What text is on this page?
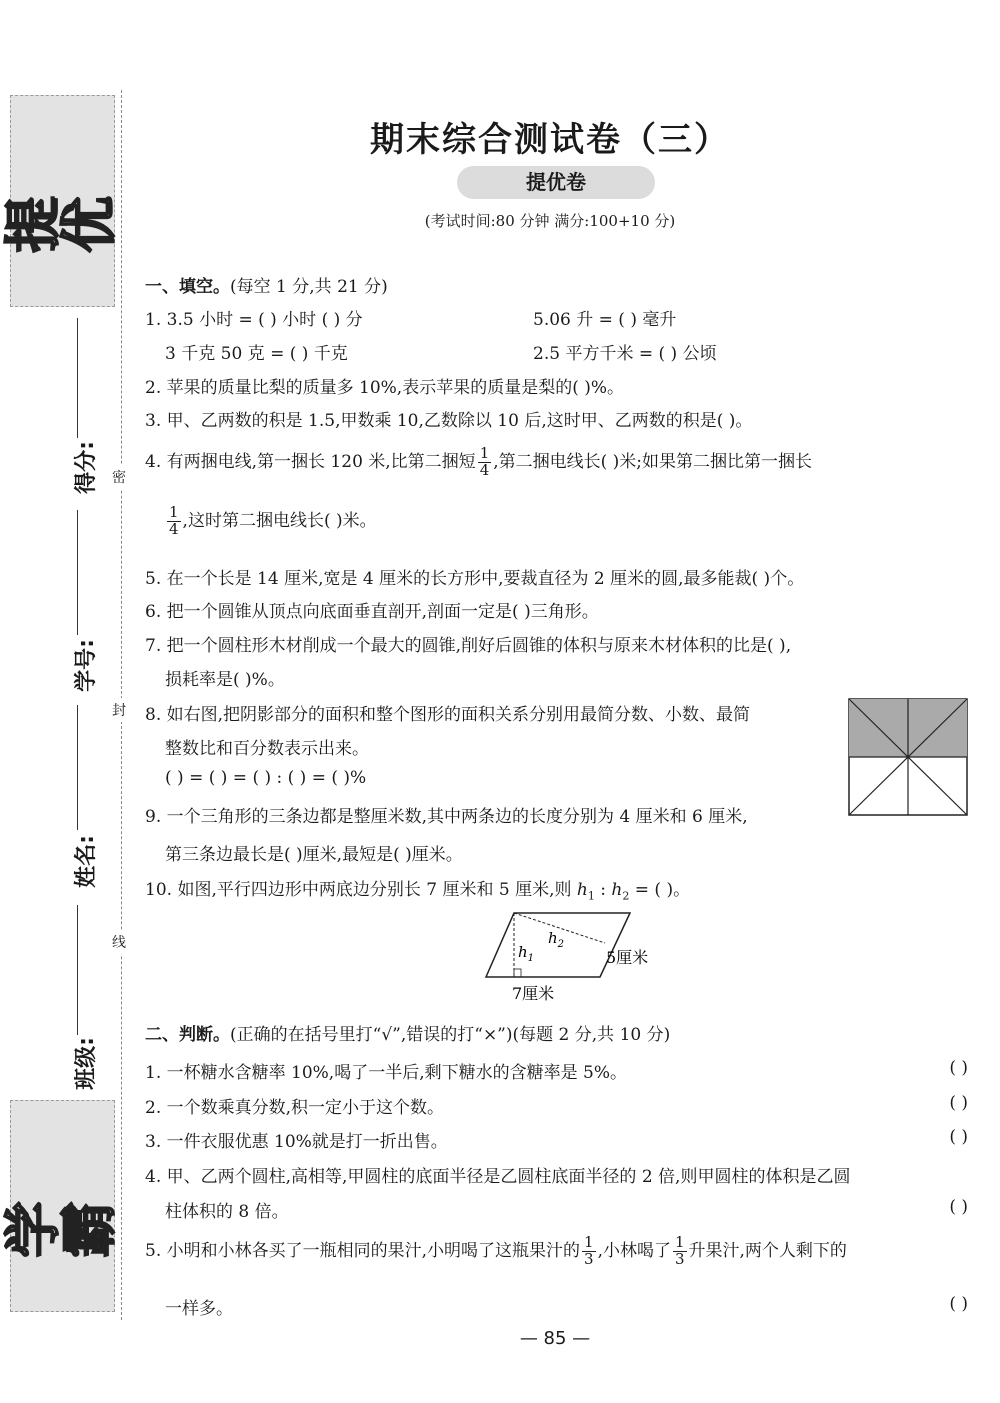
提优
学霸
得分:
学号:
姓名:
班级:
密
封
线
期末综合测试卷（三）
提优卷
(考试时间:80 分钟 满分:100+10 分)
一、填空。(每空 1 分,共 21 分)
1. 3.5 小时 = ( ) 小时 ( ) 分	5.06 升 = ( ) 毫升
3 千克 50 克 = ( ) 千克	2.5 平方千米 = ( ) 公顷
2. 苹果的质量比梨的质量多 10%,表示苹果的质量是梨的( )%。
3. 甲、乙两数的积是 1.5,甲数乘 10,乙数除以 10 后,这时甲、乙两数的积是( )。
4. 有两捆电线,第一捆长 120 米,比第二捆短 $\frac{1}{4}$ ,第二捆电线长( )米;如果第二捆比第一捆长
$\frac{1}{4}$ ,这时第二捆电线长( )米。
5. 在一个长是 14 厘米,宽是 4 厘米的长方形中,要裁直径为 2 厘米的圆,最多能裁( )个。
6. 把一个圆锥从顶点向底面垂直剖开,剖面一定是( )三角形。
7. 把一个圆柱形木材削成一个最大的圆锥,削好后圆锥的体积与原来木材体积的比是( ),
损耗率是( )%。
8. 如右图,把阴影部分的面积和整个图形的面积关系分别用最简分数、小数、最简
整数比和百分数表示出来。
( ) = ( ) = ( ) : ( ) = ( )%
9. 一个三角形的三条边都是整厘米数,其中两条边的长度分别为 4 厘米和 6 厘米,
第三条边最长是( )厘米,最短是( )厘米。
10. 如图,平行四边形中两底边分别长 7 厘米和 5 厘米,则 $h_1$ : $h_2$ = ( )。
$h_1$
$h_2$
5厘米
7厘米
二、判断。(正确的在括号里打“√”,错误的打“×”)(每题 2 分,共 10 分)
1. 一杯糖水含糖率 10%,喝了一半后,剩下糖水的含糖率是 5%。	( )
2. 一个数乘真分数,积一定小于这个数。	( )
3. 一件衣服优惠 10%就是打一折出售。	( )
4. 甲、乙两个圆柱,高相等,甲圆柱的底面半径是乙圆柱底面半径的 2 倍,则甲圆柱的体积是乙圆
柱体积的 8 倍。	( )
5. 小明和小林各买了一瓶相同的果汁,小明喝了这瓶果汁的 $\frac{1}{3}$ ,小林喝了 $\frac{1}{3}$ 升果汁,两个人剩下的
一样多。	( )
— 85 —
